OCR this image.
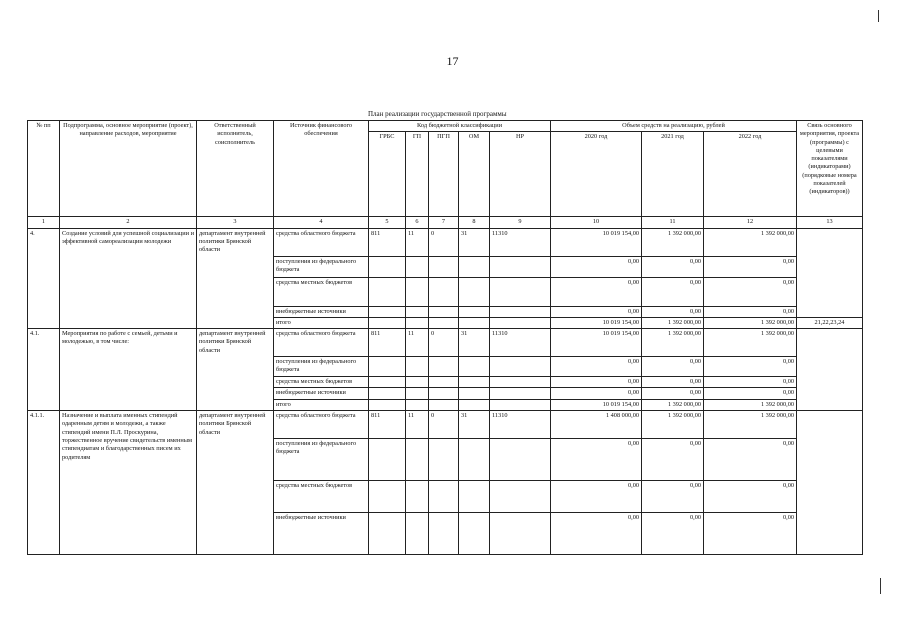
17
План реализации государственной программы
№ пп	Подпрограмма, основное мероприятие (проект), направление расходов, мероприятие	Ответственный исполнитель, соисполнитель	Источник финансового обеспечения	Код бюджетной классификации					Объем средств на реализацию, рублей			Связь основного мероприятия, проекта (программы) с целевыми показателями (индикаторами) (порядковые номера показателей (индикаторов))
				ГРБС	ГП	ПГП	ОМ	НР	2020 год	2021 год	2022 год	
1	2	3	4	5	6	7	8	9	10	11	12	13
4.	Создание условий для успешной социализации и эффективной самореализации молодежи	департамент внутренней политики Брянской области	средства областного бюджета	811	11	0	31	11310	10 019 154,00	1 392 000,00	1 392 000,00	
			поступления из федерального бюджета						0,00	0,00	0,00	
			средства местных бюджетов						0,00	0,00	0,00	
			внебюджетные источники						0,00	0,00	0,00	
			итого						10 019 154,00	1 392 000,00	1 392 000,00	21,22,23,24
4.1.	Мероприятия по работе с семьей, детьми и молодежью, в том числе:	департамент внутренней политики Брянской области	средства областного бюджета	811	11	0	31	11310	10 019 154,00	1 392 000,00	1 392 000,00	
			поступления из федерального бюджета						0,00	0,00	0,00	
			средства местных бюджетов						0,00	0,00	0,00	
			внебюджетные источники						0,00	0,00	0,00	
			итого						10 019 154,00	1 392 000,00	1 392 000,00	
4.1.1.	Назначение и выплата именных стипендий одаренным детям и молодежи, а также стипендий имени П.Л. Проскурина, торжественное вручение свидетельств именным стипендиатам и благодарственных писем их родителям	департамент внутренней политики Брянской области	средства областного бюджета	811	11	0	31	11310	1 408 000,00	1 392 000,00	1 392 000,00	
			поступления из федерального бюджета						0,00	0,00	0,00	
			средства местных бюджетов						0,00	0,00	0,00	
			внебюджетные источники						0,00	0,00	0,00	
